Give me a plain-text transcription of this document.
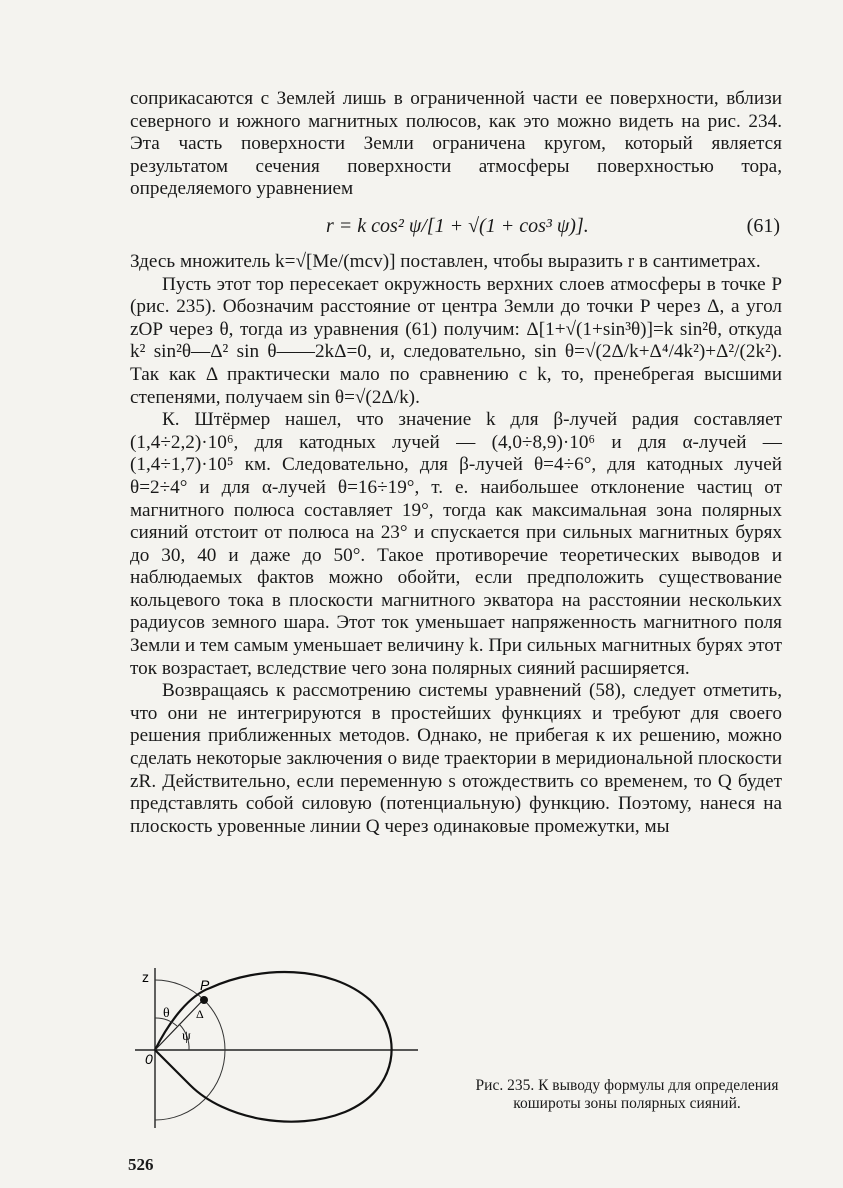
соприкасаются с Землей лишь в ограниченной части ее поверхности, вблизи северного и южного магнитных полюсов, как это можно видеть на рис. 234. Эта часть поверхности Земли ограничена кругом, который является результатом сечения поверхности атмосферы поверхностью тора, определяемого уравнением

r = k cos² ψ/[1 + √(1 + cos³ ψ)].	(61)

Здесь множитель k=√[Me/(mcv)] поставлен, чтобы выразить r в сантиметрах.

Пусть этот тор пересекает окружность верхних слоев атмосферы в точке P (рис. 235). Обозначим расстояние от центра Земли до точки P через Δ, а угол zOP через θ, тогда из уравнения (61) получим: Δ[1+√(1+sin³θ)]=k sin²θ, откуда k² sin²θ—Δ² sin θ——2kΔ=0, и, следовательно, sin θ=√(2Δ/k+Δ⁴/4k²)+Δ²/(2k²). Так как Δ практически мало по сравнению с k, то, пренебрегая высшими степенями, получаем sin θ=√(2Δ/k).

К. Штёрмер нашел, что значение k для β-лучей радия составляет (1,4÷2,2)·10⁶, для катодных лучей — (4,0÷8,9)·10⁶ и для α-лучей — (1,4÷1,7)·10⁵ км. Следовательно, для β-лучей θ=4÷6°, для катодных лучей θ=2÷4° и для α-лучей θ=16÷19°, т. е. наибольшее отклонение частиц от магнитного полюса составляет 19°, тогда как максимальная зона полярных сияний отстоит от полюса на 23° и спускается при сильных магнитных бурях до 30, 40 и даже до 50°. Такое противоречие теоретических выводов и наблюдаемых фактов можно обойти, если предположить существование кольцевого тока в плоскости магнитного экватора на расстоянии нескольких радиусов земного шара. Этот ток уменьшает напряженность магнитного поля Земли и тем самым уменьшает величину k. При сильных магнитных бурях этот ток возрастает, вследствие чего зона полярных сияний расширяется.

Возвращаясь к рассмотрению системы уравнений (58), следует отметить, что они не интегрируются в простейших функциях и требуют для своего решения приближенных методов. Однако, не прибегая к их решению, можно сделать некоторые заключения о виде траектории в меридиональной плоскости zR. Действительно, если переменную s отождествить со временем, то Q будет представлять собой силовую (потенциальную) функцию. Поэтому, нанеся на плоскость уровенные линии Q через одинаковые промежутки, мы

z	P
θ
ψ
Δ
0
Рис. 235. К выводу формулы для определения коширoты зоны полярных сияний.
526
